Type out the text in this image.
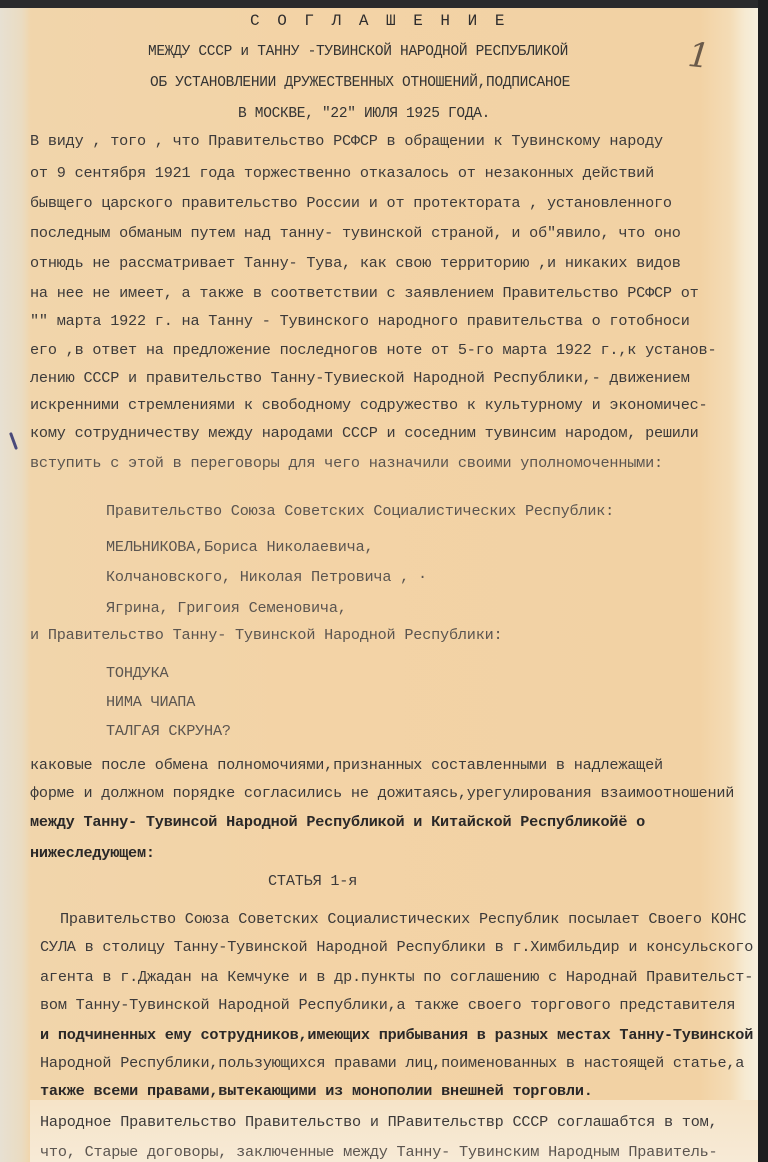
1
С О Г Л А Ш Е Н И Е
МЕЖДУ СССР и ТАННУ -ТУВИНСКОЙ НАРОДНОЙ РЕСПУБЛИКОЙ
ОБ УСТАНОВЛЕНИИ ДРУЖЕСТВЕННЫХ ОТНОШЕНИЙ,ПОДПИСАНОЕ
В МОСКВЕ, "22" ИЮЛЯ 1925 ГОДА.
В виду , того , что Правительство РСФСР в обращении к Тувинскому народу
от 9 сентября 1921 года торжественно отказалось от незаконных действий
бывщего царского правительство России и от протектората , установленного
последным обманым путем над танну- тувинской страной, и об"явило, что оно
отнюдь не рассматривает Танну- Тува, как свою территорию ,и никаких видов
на нее не имеет, а также в соответствии с заявлением Правительство РСФСР от
"" марта 1922 г. на Танну - Тувинского народного правительства о готобноси
его ,в ответ на предложение последногов ноте от 5-го марта 1922 г.,к установ-
лению СССР и правительство Танну-Тувиеской Народной Республики,- движением
искренними стремлениями к свободному содружество к культурному и экономичес-
кому сотрудничеству между народами СССР и соседним тувинсим народом, решили
вступить с этой в переговоры для чего назначили своими уполномоченными:
Правительство Союза Советских Социалистических Республик:
МЕЛЬНИКОВА,Бориса Николаевича,
Колчановского, Николая Петровича , ·
Ягрина, Григоия Семеновича,
и Правительство Танну- Тувинской Народной Республики:
ТОНДУКА
НИМА ЧИАПА
ТАЛГАЯ СКРУНА?
каковые после обмена полномочиями,признанных составленными в надлежащей
форме и должном порядке согласились не дожитаясь,урегулирования взаимоотношений
между Танну- Тувинсой Народной Республикой и Китайской Республикойё о
нижеследующем:
СТАТЬЯ 1-я
Правительство Союза Советских Социалистических Республик посылает Своего КОНС
СУЛА в столицу Танну-Тувинской Народной Республики в г.Химбильдир и консульского
агента в г.Джадан на Кемчуке и в др.пункты по соглашению с Народнай Правительст-
вом Танну-Тувинской Народной Республики,а также своего торгового представителя
и подчиненных ему сотрудников,имеющих прибывания в разных местах Танну-Тувинской
Народной Республики,пользующихся правами лиц,поименованных в настоящей статье,а
также всеми правами,вытекающими из монополии внешней торговли.
Народное Правительство Правительство и ПРавительствр СССР соглашабтся в том,
что, Старые договоры, заключенные между Танну- Тувинским Народным Правитель-
